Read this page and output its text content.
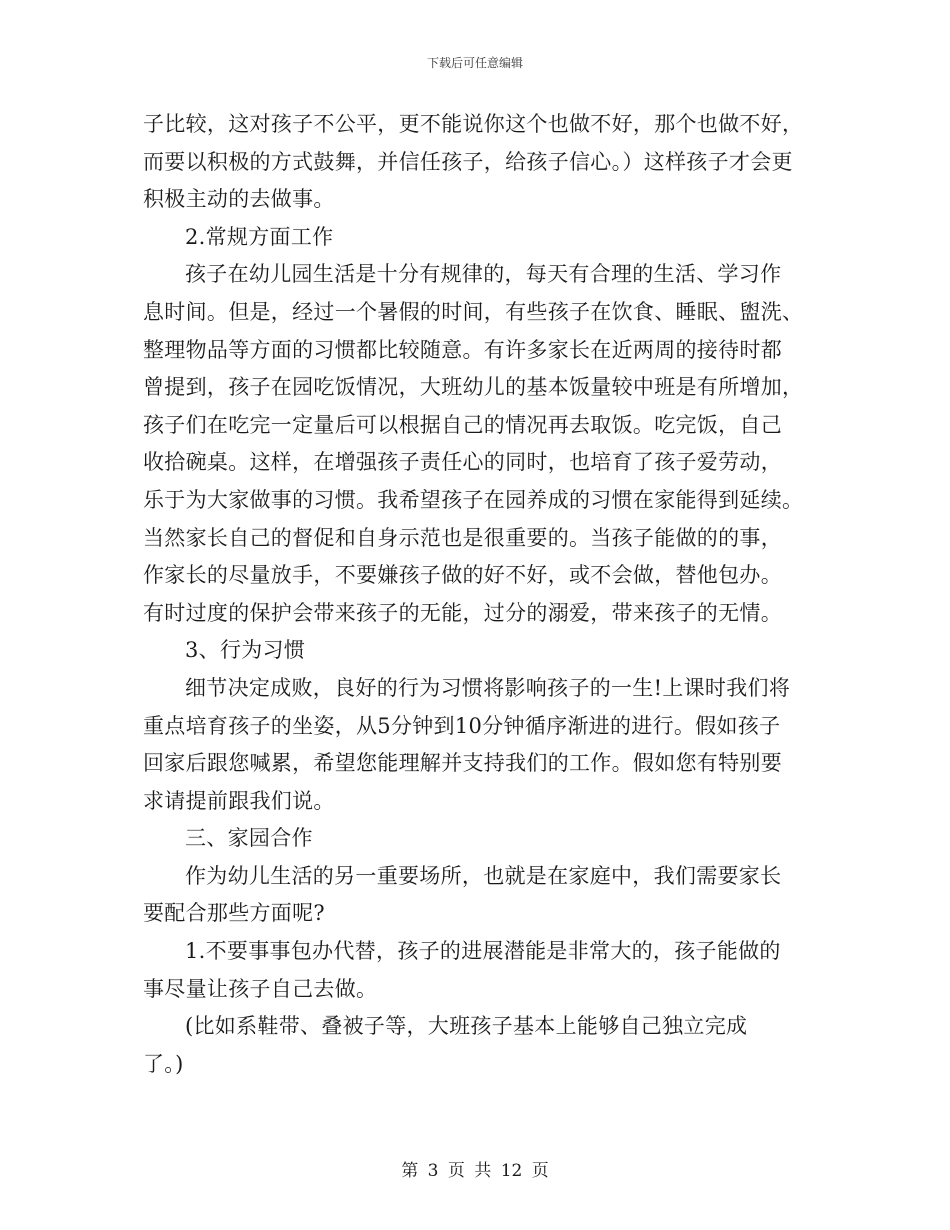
下载后可任意编辑
子比较，这对孩子不公平，更不能说你这个也做不好，那个也做不好，
而要以积极的方式鼓舞，并信任孩子，给孩子信心。）这样孩子才会更
积极主动的去做事。
2.常规方面工作
孩子在幼儿园生活是十分有规律的，每天有合理的生活、学习作
息时间。但是，经过一个暑假的时间，有些孩子在饮食、睡眠、盥洗、
整理物品等方面的习惯都比较随意。有许多家长在近两周的接待时都
曾提到，孩子在园吃饭情况，大班幼儿的基本饭量较中班是有所增加，
孩子们在吃完一定量后可以根据自己的情况再去取饭。吃完饭，自己
收拾碗桌。这样，在增强孩子责任心的同时，也培育了孩子爱劳动，
乐于为大家做事的习惯。我希望孩子在园养成的习惯在家能得到延续。
当然家长自己的督促和自身示范也是很重要的。当孩子能做的的事，
作家长的尽量放手，不要嫌孩子做的好不好，或不会做，替他包办。
有时过度的保护会带来孩子的无能，过分的溺爱，带来孩子的无情。
3、行为习惯
细节决定成败，良好的行为习惯将影响孩子的一生!上课时我们将
重点培育孩子的坐姿，从5分钟到10分钟循序渐进的进行。假如孩子
回家后跟您喊累，希望您能理解并支持我们的工作。假如您有特别要
求请提前跟我们说。
三、家园合作
作为幼儿生活的另一重要场所，也就是在家庭中，我们需要家长
要配合那些方面呢?
1.不要事事包办代替，孩子的进展潜能是非常大的，孩子能做的
事尽量让孩子自己去做。
(比如系鞋带、叠被子等，大班孩子基本上能够自己独立完成
了。)
第 3 页 共 12 页
